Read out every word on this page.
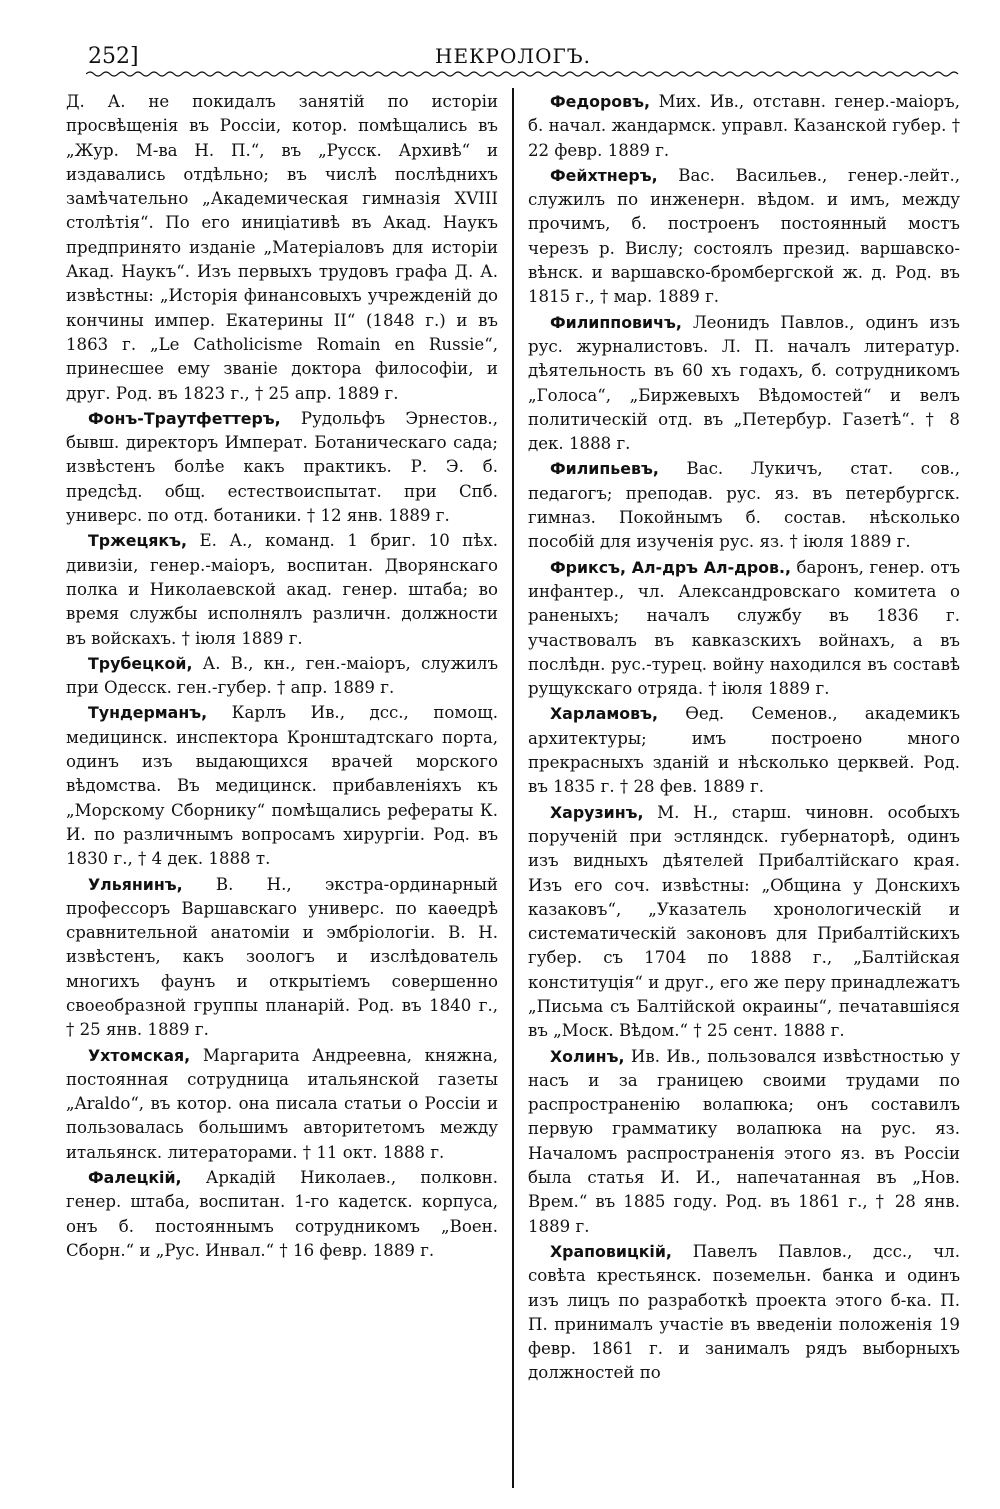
252]	НЕКРОЛОГЪ.

Д. А. не покидалъ занятій по исторіи просвѣщенія въ Россіи, котор. помѣщались въ „Жур. М-ва Н. П.“, въ „Русск. Архивѣ“ и издавались отдѣльно; въ числѣ послѣднихъ замѣчательно „Академическая гимназія XVIII столѣтія“. По его иниціативѣ въ Акад. Наукъ предпринято изданіе „Матеріаловъ для исторіи Акад. Наукъ“. Изъ первыхъ трудовъ графа Д. А. извѣстны: „Исторія финансовыхъ учрежденій до кончины импер. Екатерины II“ (1848 г.) и въ 1863 г. „Le Catholicisme Romain en Russie“, принесшее ему званіе доктора философіи, и друг. Род. въ 1823 г., † 25 апр. 1889 г.

Фонъ-Траутфеттеръ, Рудольфъ Эрнестов., бывш. директоръ Императ. Ботаническаго сада; извѣстенъ болѣе какъ практикъ. Р. Э. б. предсѣд. общ. естествоиспытат. при Спб. универс. по отд. ботаники. † 12 янв. 1889 г.

Тржецякъ, Е. А., команд. 1 бриг. 10 пѣх. дивизіи, генер.-маіоръ, воспитан. Дворянскаго полка и Николаевской акад. генер. штаба; во время службы исполнялъ различн. должности въ войскахъ. † іюля 1889 г.

Трубецкой, А. В., кн., ген.-маіоръ, служилъ при Одесск. ген.-губер. † апр. 1889 г.

Тундерманъ, Карлъ Ив., дсс., помощ. медицинск. инспектора Кронштадтскаго порта, одинъ изъ выдающихся врачей морского вѣдомства. Въ медицинск. прибавленіяхъ къ „Морскому Сборнику“ помѣщались рефераты К. И. по различнымъ вопросамъ хирургіи. Род. въ 1830 г., † 4 дек. 1888 т.

Ульянинъ, В. Н., экстра-ординарный профессоръ Варшавскаго универс. по каѳедрѣ сравнительной анатоміи и эмбріологіи. В. Н. извѣстенъ, какъ зоологъ и изслѣдователь многихъ фаунъ и открытіемъ совершенно своеобразной группы планарій. Род. въ 1840 г., † 25 янв. 1889 г.

Ухтомская, Маргарита Андреевна, княжна, постоянная сотрудница итальянской газеты „Araldo“, въ котор. она писала статьи о Россіи и пользовалась большимъ авторитетомъ между итальянск. литераторами. † 11 окт. 1888 г.

Фалецкій, Аркадій Николаев., полковн. генер. штаба, воспитан. 1-го кадетск. корпуса, онъ б. постояннымъ сотрудникомъ „Воен. Сборн.“ и „Рус. Инвал.“ † 16 февр. 1889 г.

Федоровъ, Мих. Ив., отставн. генер.-маіоръ, б. начал. жандармск. управл. Казанской губер. † 22 февр. 1889 г.

Фейхтнеръ, Вас. Васильев., генер.-лейт., служилъ по инженерн. вѣдом. и имъ, между прочимъ, б. построенъ постоянный мостъ черезъ р. Вислу; состоялъ презид. варшавско-вѣнск. и варшавско-бромбергской ж. д. Род. въ 1815 г., † мар. 1889 г.

Филипповичъ, Леонидъ Павлов., одинъ изъ рус. журналистовъ. Л. П. началъ литератур. дѣятельность въ 60 хъ годахъ, б. сотрудникомъ „Голоса“, „Биржевыхъ Вѣдомостей“ и велъ политическій отд. въ „Петербур. Газетѣ“. † 8 дек. 1888 г.

Филипьевъ, Вас. Лукичъ, стат. сов., педагогъ; преподав. рус. яз. въ петербургск. гимназ. Покойнымъ б. состав. нѣсколько пособій для изученія рус. яз. † іюля 1889 г.

Фриксъ, Ал-дръ Ал-дров., баронъ, генер. отъ инфантер., чл. Александровскаго комитета о раненыхъ; началъ службу въ 1836 г. участвовалъ въ кавказскихъ войнахъ, а въ послѣдн. рус.-турец. войну находился въ составѣ рущукскаго отряда. † іюля 1889 г.

Харламовъ, Ѳед. Семенов., академикъ архитектуры; имъ построено много прекрасныхъ зданій и нѣсколько церквей. Род. въ 1835 г. † 28 фев. 1889 г.

Харузинъ, М. Н., старш. чиновн. особыхъ порученій при эстляндск. губернаторѣ, одинъ изъ видныхъ дѣятелей Прибалтійскаго края. Изъ его соч. извѣстны: „Община у Донскихъ казаковъ“, „Указатель хронологическій и систематическій законовъ для Прибалтійскихъ губер. съ 1704 по 1888 г., „Балтійская конституція“ и друг., его же перу принадлежатъ „Письма съ Балтійской окраины“, печатавшіяся въ „Моск. Вѣдом.“ † 25 сент. 1888 г.

Холинъ, Ив. Ив., пользовался извѣстностью у насъ и за границею своими трудами по распространенію волапюка; онъ составилъ первую грамматику волапюка на рус. яз. Началомъ распространенія этого яз. въ Россіи была статья И. И., напечатанная въ „Нов. Врем.“ въ 1885 году. Род. въ 1861 г., † 28 янв. 1889 г.

Храповицкій, Павелъ Павлов., дсс., чл. совѣта крестьянск. поземельн. банка и одинъ изъ лицъ по разработкѣ проекта этого б-ка. П. П. принималъ участіе въ введеніи положенія 19 февр. 1861 г. и занималъ рядъ выборныхъ должностей по
